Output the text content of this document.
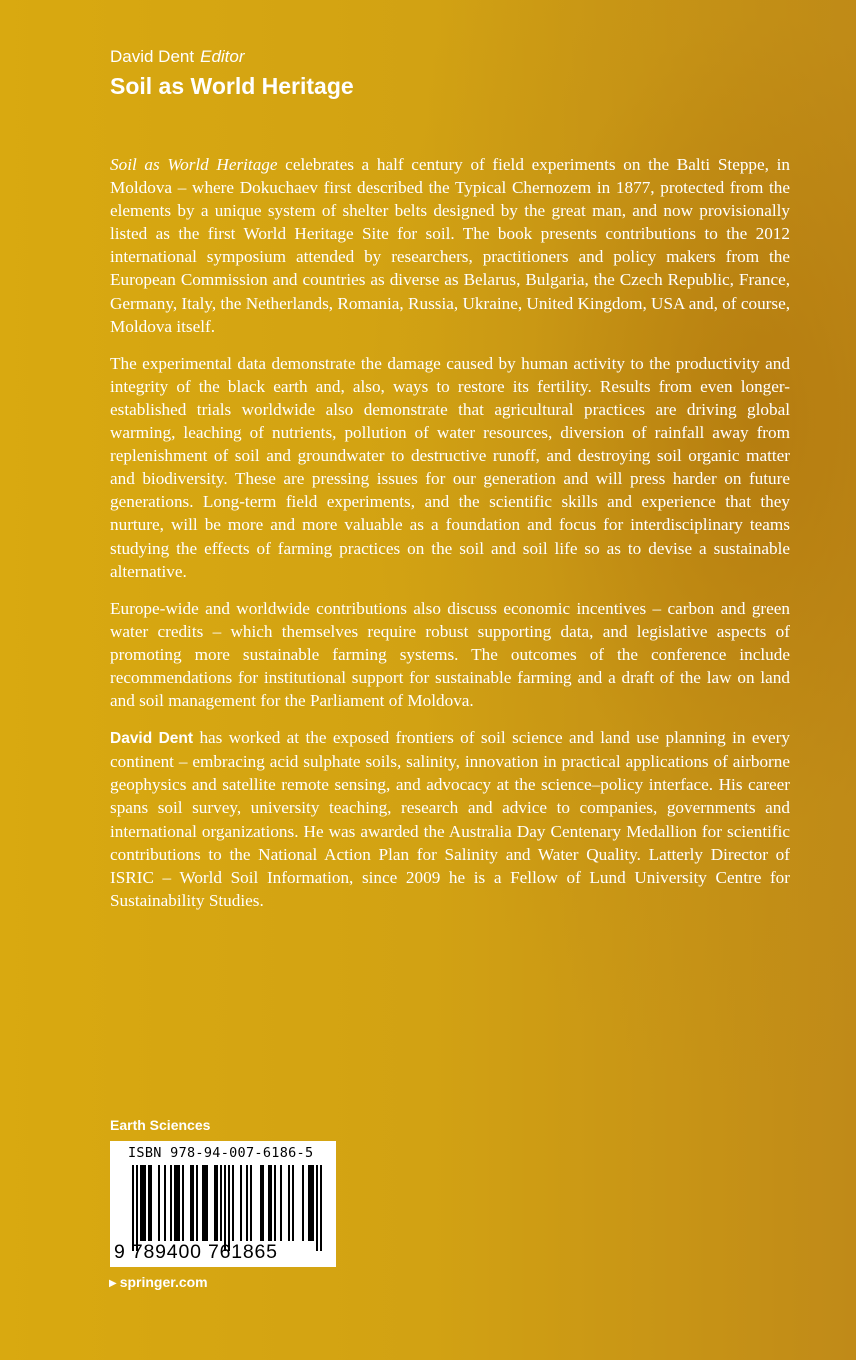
David Dent Editor
Soil as World Heritage

Soil as World Heritage celebrates a half century of field experiments on the Balti Steppe, in Moldova – where Dokuchaev first described the Typical Chernozem in 1877, protected from the elements by a unique system of shelter belts designed by the great man, and now provisionally listed as the first World Heritage Site for soil. The book presents contributions to the 2012 international symposium attended by researchers, practitioners and policy makers from the European Commission and countries as diverse as Belarus, Bulgaria, the Czech Republic, France, Germany, Italy, the Netherlands, Romania, Russia, Ukraine, United Kingdom, USA and, of course, Moldova itself.

The experimental data demonstrate the damage caused by human activity to the productivity and integrity of the black earth and, also, ways to restore its fertility. Results from even longer-established trials worldwide also demonstrate that agricultural practices are driving global warming, leaching of nutrients, pollution of water resources, diversion of rainfall away from replenishment of soil and groundwater to destructive runoff, and destroying soil organic matter and biodiversity. These are pressing issues for our generation and will press harder on future generations. Long-term field experiments, and the scientific skills and experience that they nurture, will be more and more valuable as a foundation and focus for interdisciplinary teams studying the effects of farming practices on the soil and soil life so as to devise a sustainable alternative.

Europe-wide and worldwide contributions also discuss economic incentives – carbon and green water credits – which themselves require robust supporting data, and legislative aspects of promoting more sustainable farming systems. The outcomes of the conference include recommendations for institutional support for sustainable farming and a draft of the law on land and soil management for the Parliament of Moldova.

David Dent has worked at the exposed frontiers of soil science and land use planning in every continent – embracing acid sulphate soils, salinity, innovation in practical applications of airborne geophysics and satellite remote sensing, and advocacy at the science–policy interface. His career spans soil survey, university teaching, research and advice to companies, governments and international organizations. He was awarded the Australia Day Centenary Medallion for scientific contributions to the National Action Plan for Salinity and Water Quality. Latterly Director of ISRIC – World Soil Information, since 2009 he is a Fellow of Lund University Centre for Sustainability Studies.

Earth Sciences
ISBN 978-94-007-6186-5
9 789400 761865
▶ springer.com
